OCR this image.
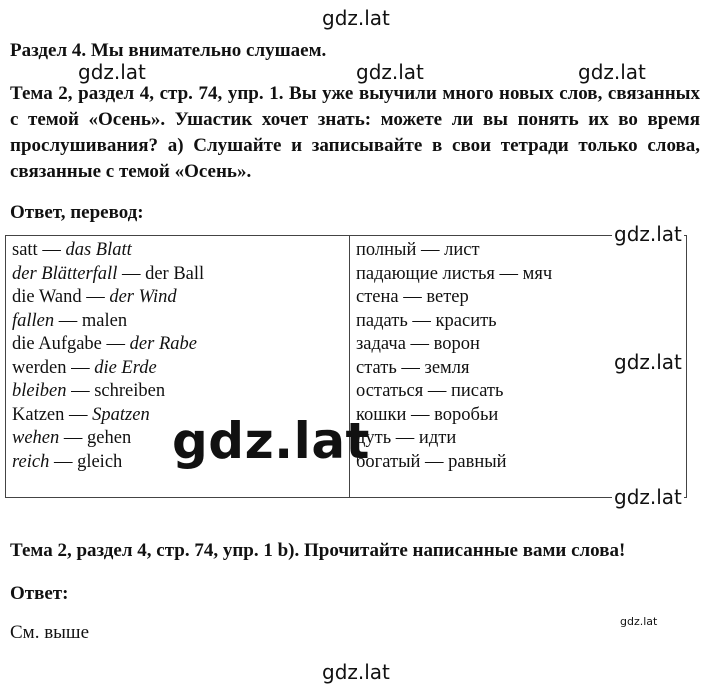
gdz.lat
gdz.lat	gdz.lat	gdz.lat
Раздел 4. Мы внимательно слушаем.
Тема 2, раздел 4, стр. 74, упр. 1. Вы уже выучили много новых слов, связанных с темой «Осень». Ушастик хочет знать: можете ли вы понять их во время прослушивания? а) Слушайте и записывайте в свои тетради только слова, связанные с темой «Осень».
Ответ, перевод:
satt — das Blatt
der Blätterfall — der Ball
die Wand — der Wind
fallen — malen
die Aufgabe — der Rabe
werden — die Erde
bleiben — schreiben
Katzen — Spatzen
wehen — gehen
reich — gleich
полный — лист
падающие листья — мяч
стена — ветер
падать — красить
задача — ворон
стать — земля
остаться — писать
кошки — воробьи
дуть — идти
богатый — равный
gdz.lat
gdz.lat
gdz.lat
gdz.lat
Тема 2, раздел 4, стр. 74, упр. 1 b). Прочитайте написанные вами слова!
Ответ:
См. выше
gdz.lat
gdz.lat
